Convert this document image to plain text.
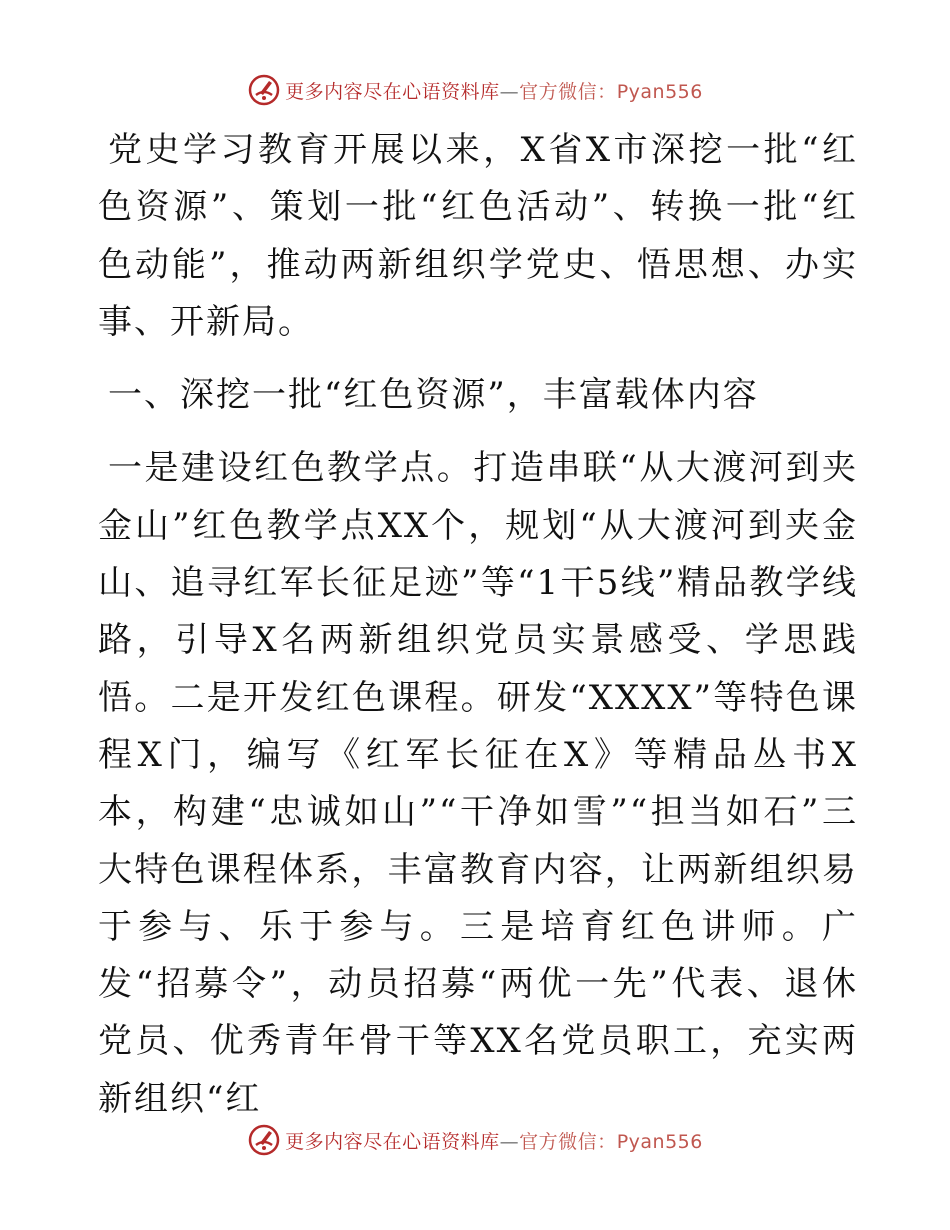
更多内容尽在心语资料库—官方微信：Pyan556

党史学习教育开展以来，X省X市深挖一批“红色资源”、策划一批“红色活动”、转换一批“红色动能”，推动两新组织学党史、悟思想、办实事、开新局。

一、深挖一批“红色资源”，丰富载体内容

一是建设红色教学点。打造串联“从大渡河到夹金山”红色教学点XX个，规划“从大渡河到夹金山、追寻红军长征足迹”等“1干5线”精品教学线路，引导X名两新组织党员实景感受、学思践悟。二是开发红色课程。研发“XXXX”等特色课程X门，编写《红军长征在X》等精品丛书X本，构建“忠诚如山”“干净如雪”“担当如石”三大特色课程体系，丰富教育内容，让两新组织易于参与、乐于参与。三是培育红色讲师。广发“招募令”，动员招募“两优一先”代表、退休党员、优秀青年骨干等XX名党员职工，充实两新组织“红

更多内容尽在心语资料库—官方微信：Pyan556
